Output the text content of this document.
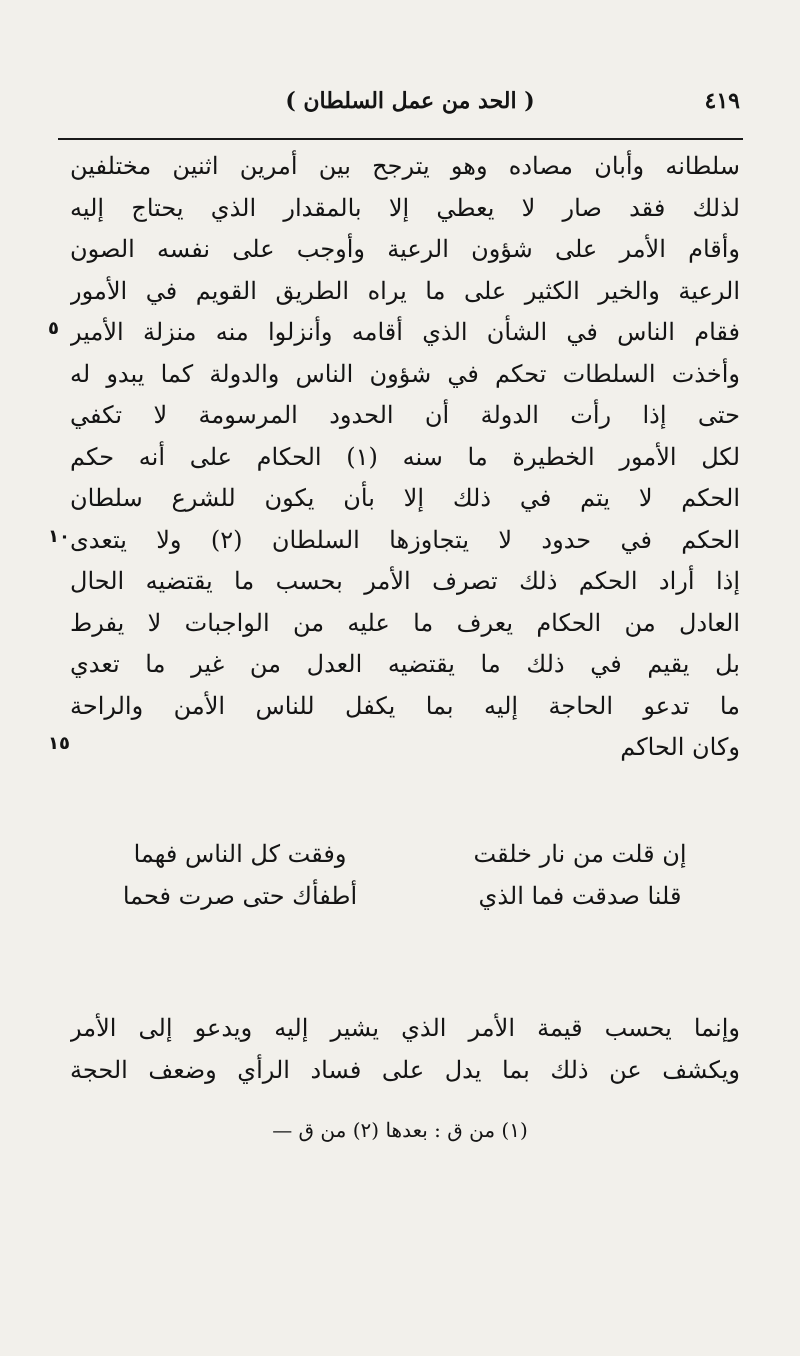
٤١٩
( الحد من عمل السلطان )
سلطانه وأبان مصاده وهو يترجح بين أمرين اثنين مختلفين
لذلك فقد صار لا يعطي إلا بالمقدار الذي يحتاج إليه
وأقام الأمر على شؤون الرعية وأوجب على نفسه الصون
الرعية والخير الكثير على ما يراه الطريق القويم في الأمور
فقام الناس في الشأن الذي أقامه وأنزلوا منه منزلة الأمير
وأخذت السلطات تحكم في شؤون الناس والدولة كما يبدو له
حتى إذا رأت الدولة أن الحدود المرسومة لا تكفي
لكل الأمور الخطيرة ما سنه (١) الحكام على أنه حكم
الحكم لا يتم في ذلك إلا بأن يكون للشرع سلطان
الحكم في حدود لا يتجاوزها السلطان (٢) ولا يتعدى
إذا أراد الحكم ذلك تصرف الأمر بحسب ما يقتضيه الحال
العادل من الحكام يعرف ما عليه من الواجبات لا يفرط
بل يقيم في ذلك ما يقتضيه العدل من غير ما تعدي
ما تدعو الحاجة إليه بما يكفل للناس الأمن والراحة
وكان الحاكم
٥
١٠
١٥
إن قلت من نار خلقت
وفقت كل الناس فهما
قلنا صدقت فما الذي
أطفأك حتى صرت فحما
وإنما يحسب قيمة الأمر الذي يشير إليه ويدعو إلى الأمر
ويكشف عن ذلك بما يدل على فساد الرأي وضعف الحجة
(١) من ق : بعدها (٢) من ق —
